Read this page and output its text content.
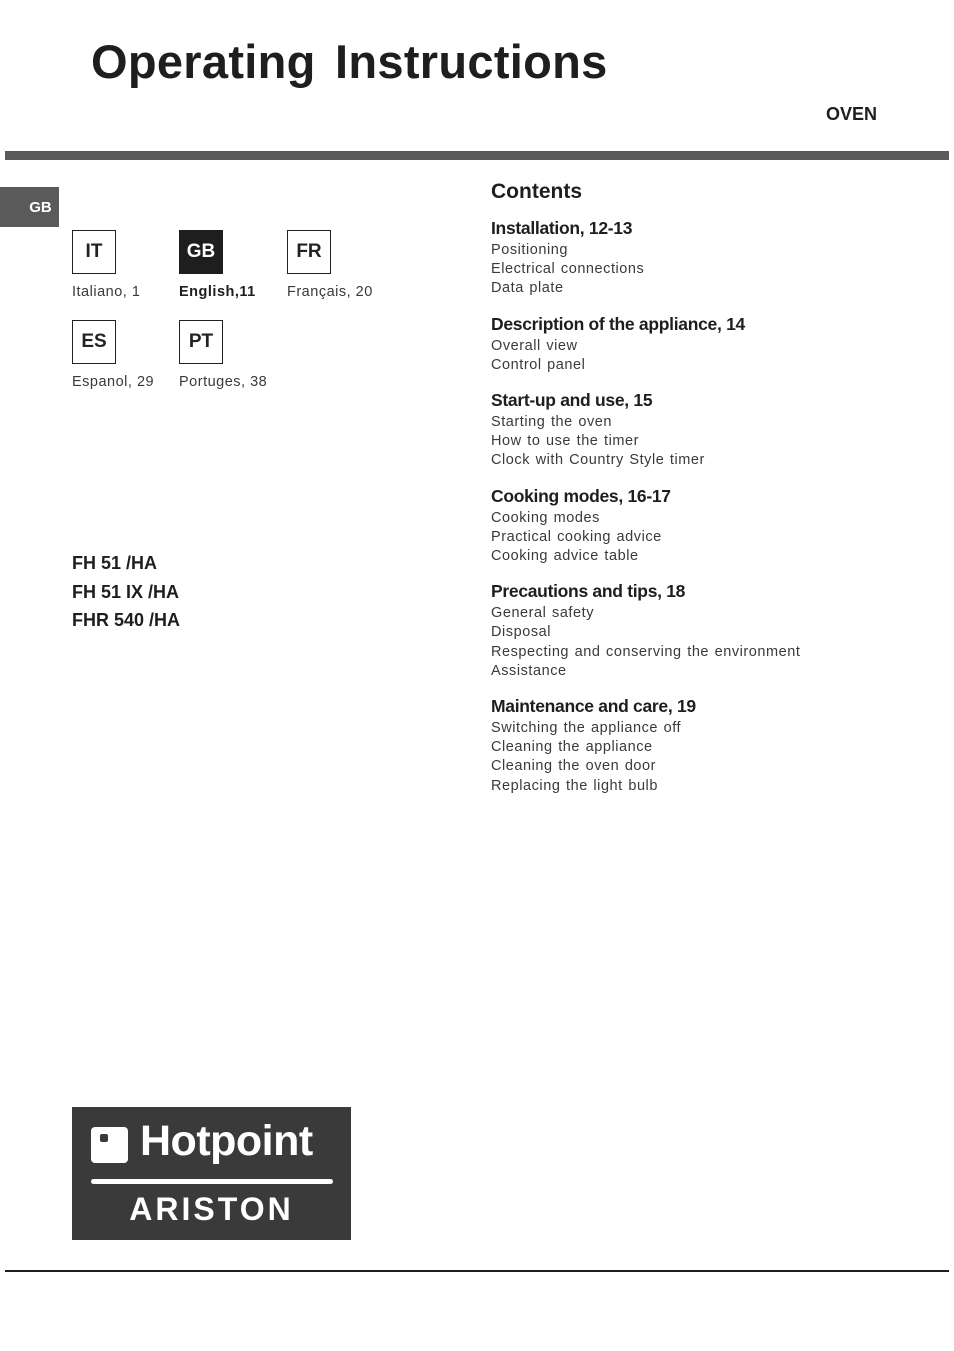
Operating Instructions
OVEN
GB
IT
Italiano, 1
GB
English,11
FR
Français, 20
ES
Espanol, 29
PT
Portuges, 38
FH 51 /HA
FH 51 IX /HA
FHR 540 /HA
Contents
Installation, 12-13
Positioning
Electrical connections
Data plate
Description of the appliance, 14
Overall view
Control panel
Start-up and use, 15
Starting the oven
How to use the timer
Clock with Country Style timer
Cooking modes, 16-17
Cooking modes
Practical cooking advice
Cooking advice table
Precautions and tips, 18
General safety
Disposal
Respecting and conserving the environment
Assistance
Maintenance and care, 19
Switching the appliance off
Cleaning the appliance
Cleaning the oven door
Replacing the light bulb
Hotpoint
ARISTON
